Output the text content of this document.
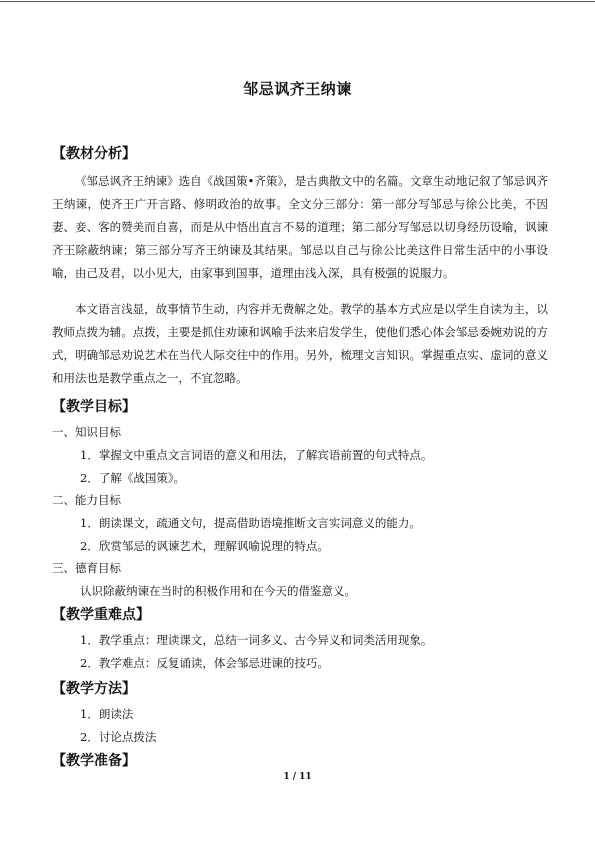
邹忌讽齐王纳谏
【教材分析】

《邹忌讽齐王纳谏》选自《战国策•齐策》，是古典散文中的名篇。文章生动地记叙了邹忌讽齐王纳谏，使齐王广开言路、修明政治的故事。全文分三部分：第一部分写邹忌与徐公比美，不因妻、妾、客的赞美而自喜，而是从中悟出直言不易的道理；第二部分写邹忌以切身经历设喻，讽谏齐王除蔽纳谏；第三部分写齐王纳谏及其结果。邹忌以自己与徐公比美这件日常生活中的小事设喻，由己及君，以小见大，由家事到国事，道理由浅入深，具有极强的说服力。

本文语言浅显，故事情节生动，内容并无费解之处。教学的基本方式应是以学生自读为主，以教师点拨为辅。点拨，主要是抓住劝谏和讽喻手法来启发学生，使他们悉心体会邹忌委婉劝说的方式，明确邹忌劝说艺术在当代人际交往中的作用。另外，梳理文言知识。掌握重点实、虚词的意义和用法也是教学重点之一，不宜忽略。

【教学目标】
一、知识目标
1．掌握文中重点文言词语的意义和用法，了解宾语前置的句式特点。
2．了解《战国策》。
二、能力目标
1．朗读课文，疏通文句，提高借助语境推断文言实词意义的能力。
2．欣赏邹忌的讽谏艺术，理解讽喻说理的特点。
三、德育目标
认识除蔽纳谏在当时的积极作用和在今天的借鉴意义。
【教学重难点】
1．教学重点：理读课文，总结一词多义、古今异义和词类活用现象。
2．教学难点：反复诵读，体会邹忌进谏的技巧。
【教学方法】
1．朗读法
2．讨论点拨法
【教学准备】
1 / 11
